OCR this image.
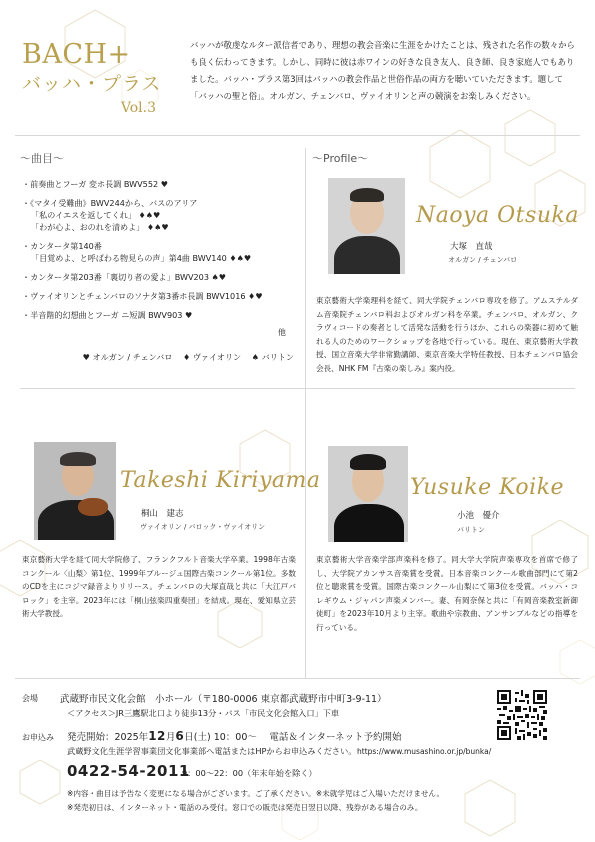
BACH+
バッハ・プラス
Vol.3
バッハが敬虔なルター派信者であり、理想の教会音楽に生涯をかけたことは、残された名作の数々からも良く伝わってきます。しかし、同時に彼は赤ワインの好きな良き友人、良き師、良き家庭人でもありました。バッハ・プラス第3回はバッハの教会作品と世俗作品の両方を聴いていただきます。題して「バッハの聖と俗」。オルガン、チェンバロ、ヴァイオリンと声の競演をお楽しみください。
〜曲目〜
・前奏曲とフーガ 変ホ長調 BWV552 ♥
・《マタイ受難曲》BWV244から、バスのアリア
「私のイエスを返してくれ」 ♦♠♥
「わが心よ、おのれを清めよ」 ♦♠♥
・カンタータ第140番
「目覚めよ、と呼ばわる物見らの声」第4曲 BWV140 ♦♠♥
・カンタータ第203番「裏切り者の愛よ」BWV203 ♠♥
・ヴァイオリンとチェンバロのソナタ第3番ホ長調 BWV1016 ♦♥
・半音階的幻想曲とフーガ ニ短調 BWV903 ♥
他
♥ オルガン / チェンバロ　 ♦ ヴァイオリン　 ♠ バリトン
〜Profile〜
Naoya Otsuka
大塚　直哉
オルガン / チェンバロ
東京藝術大学楽理科を経て、同大学院チェンバロ専攻を修了。アムステルダム音楽院チェンバロ科およびオルガン科を卒業。チェンバロ、オルガン、クラヴィコードの奏者として活発な活動を行うほか、これらの楽器に初めて触れる人のためのワークショップを各地で行っている。現在、東京藝術大学教授、国立音楽大学非常勤講師、東京音楽大学特任教授、日本チェンバロ協会会長、NHK FM『古楽の楽しみ』案内役。
Takeshi Kiriyama
桐山　建志
ヴァイオリン / バロック・ヴァイオリン
東京藝術大学を経て同大学院修了、フランクフルト音楽大学卒業。1998年古楽コンクール〈山梨〉第1位、1999年ブルージュ国際古楽コンクール第1位。多数のCDを主にコジマ録音よりリリース。チェンバロの大塚直哉と共に「大江戸バロック」を主宰。2023年には「桐山弦楽四重奏団」を結成。現在、愛知県立芸術大学教授。
Yusuke Koike
小池　優介
バリトン
東京藝術大学音楽学部声楽科を修了。同大学大学院声楽専攻を首席で修了し、大学院アカンサス音楽賞を受賞。日本音楽コンクール歌曲部門にて第2位と聴衆賞を受賞。国際古楽コンクール山梨にて第3位を受賞。バッハ・コレギウム・ジャパン声楽メンバー。妻、有岡奈保と共に「有岡音楽教室新御徒町」を2023年10月より主宰。歌曲や宗教曲、アンサンブルなどの指導を行っている。
会場 武蔵野市民文化会館　小ホール（〒180-0006 東京都武蔵野市中町3-9-11）
＜アクセス＞JR三鷹駅北口より徒歩13分・バス「市民文化会館入口」下車
お申込み 発売開始：2025年12月6日(土) 10：00〜　 電話＆インターネット予約開始
武蔵野文化生涯学習事業団文化事業部へ電話またはHPからお申込みください。 https://www.musashino.or.jp/bunka/
0422-54-2011
9：00〜22：00（年末年始を除く）
※内容・曲目は予告なく変更になる場合がございます。ご了承ください。※未就学児はご入場いただけません。
※発売初日は、インターネット・電話のみ受付。窓口での販売は発売日翌日以降、残券がある場合のみ。
